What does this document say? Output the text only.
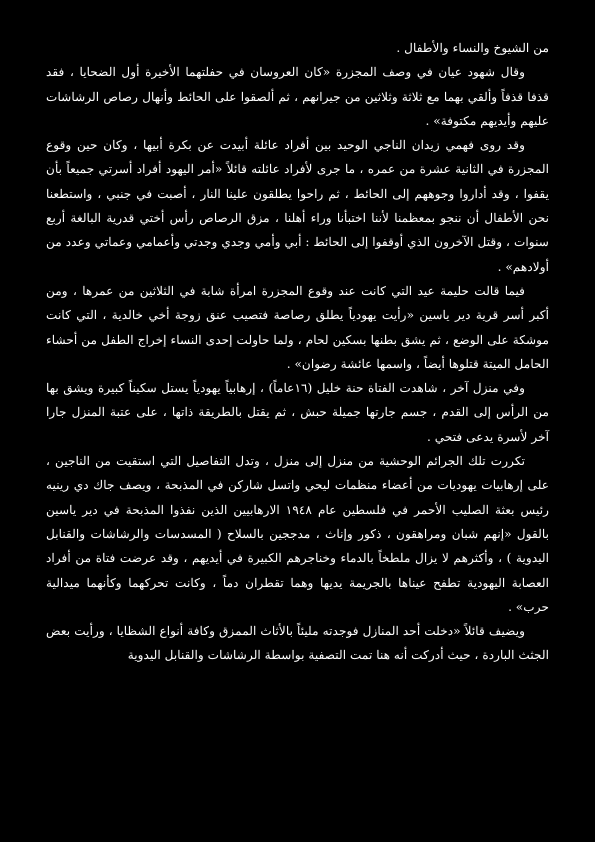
من الشيوخ والنساء والأطفال .

وقال شهود عيان في وصف المجزرة «كان العروسان في حفلتهما الأخيرة أول الضحايا ، فقد قذفا قذفاً وألقي بهما مع ثلاثة وثلاثين من جيرانهم ، ثم ألصقوا على الحائط وأنهال رصاص الرشاشات عليهم وأيديهم مكتوفة» .

وقد روى فهمي زيدان الناجي الوحيد بين أفراد عائلة أبيدت عن بكرة أبيها ، وكان حين وقوع المجزرة في الثانية عشرة من عمره ، ما جرى لأفراد عائلته قائلاً «أمر اليهود أفراد أسرتي جميعاً بأن يقفوا ، وقد أداروا وجوههم إلى الحائط ، ثم راحوا يطلقون علينا النار ، أصبت في جنبي ، واستطعنا نحن الأطفال أن ننجو بمعظمنا لأننا اختبأنا وراء أهلنا ، مزق الرصاص رأس أختي قدرية البالغة أربع سنوات ، وقتل الآخرون الذي أوقفوا إلى الحائط : أبي وأمي وجدي وجدتي وأعمامي وعماتي وعدد من أولادهم» .

فيما قالت حليمة عيد التي كانت عند وقوع المجزرة امرأة شابة في الثلاثين من عمرها ، ومن أكبر أسر قرية دير ياسين «رأيت يهودياً يطلق رصاصة فتصيب عنق زوجة أخي خالدية ، التي كانت موشكة على الوضع ، ثم يشق بطنها بسكين لحام ، ولما حاولت إحدى النساء إخراج الطفل من أحشاء الحامل الميتة قتلوها أيضاً ، واسمها عائشة رضوان» .

وفي منزل آخر ، شاهدت الفتاة حنة خليل (١٦عاماً) ، إرهابياً يهودياً يستل سكيناً كبيرة ويشق بها من الرأس إلى القدم ، جسم جارتها جميلة حبش ، ثم يقتل بالطريقة ذاتها ، على عتبة المنزل جارا آخر لأسرة يدعى فتحي .

تكررت تلك الجرائم الوحشية من منزل إلى منزل ، وتدل التفاصيل التي استقيت من الناجين ، على إرهابيات يهوديات من أعضاء منظمات ليحي واتسل شاركن في المذبحة ، ويصف جاك دي رينيه رئيس بعثة الصليب الأحمر في فلسطين عام ١٩٤٨ الارهابيين الذين نفذوا المذبحة في دير ياسين بالقول «إنهم شبان ومراهقون ، ذكور وإناث ، مدججين بالسلاح ( المسدسات والرشاشات والقنابل اليدوية ) ، وأكثرهم لا يزال ملطخاً بالدماء وخناجرهم الكبيرة في أيديهم ، وقد عرضت فتاة من أفراد العصابة اليهودية تطفح عيناها بالجريمة يديها وهما تقطران دماً ، وكانت تحركهما وكأنهما ميدالية حرب» .

ويضيف قائلاً «دخلت أحد المنازل فوجدته مليئاً بالأثاث الممزق وكافة أنواع الشظايا ، ورأيت بعض الجثث الباردة ، حيث أدركت أنه هنا تمت التصفية بواسطة الرشاشات والقنابل اليدوية
